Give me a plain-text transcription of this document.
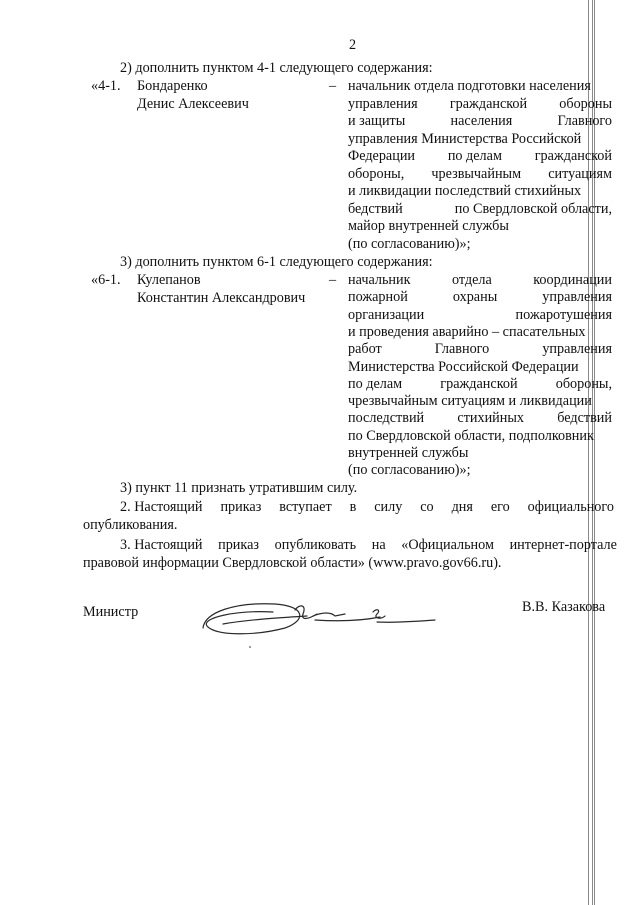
2
2) дополнить пунктом 4-1 следующего содержания:
«4-1. Бондаренко
Денис Алексеевич
– начальник отдела подготовки населения
управления гражданской обороны
и защиты	населения	Главного
управления Министерства Российской
Федерации по делам гражданской
обороны, чрезвычайным ситуациям
и ликвидации последствий стихийных
бедствий	по Свердловской области,
майор внутренней службы
(по согласованию)»;
3) дополнить пунктом 6-1 следующего содержания:
«6-1. Кулепанов
Константин Александрович
– начальник	отдела	координации
пожарной	охраны	управления
организации	пожаротушения
и проведения аварийно – спасательных
работ	Главного	управления
Министерства Российской Федерации
по делам	гражданской	обороны,
чрезвычайным ситуациям и ликвидации
последствий стихийных бедствий
по Свердловской области, подполковник
внутренней службы
(по согласованию)»;
3) пункт 11 признать утратившим силу.
2. Настоящий приказ вступает в силу со дня его официального
опубликования.
3. Настоящий приказ опубликовать на «Официальном интернет-портале
правовой информации Свердловской области» (www.pravo.gov66.ru).
Министр	В.В. Казакова
